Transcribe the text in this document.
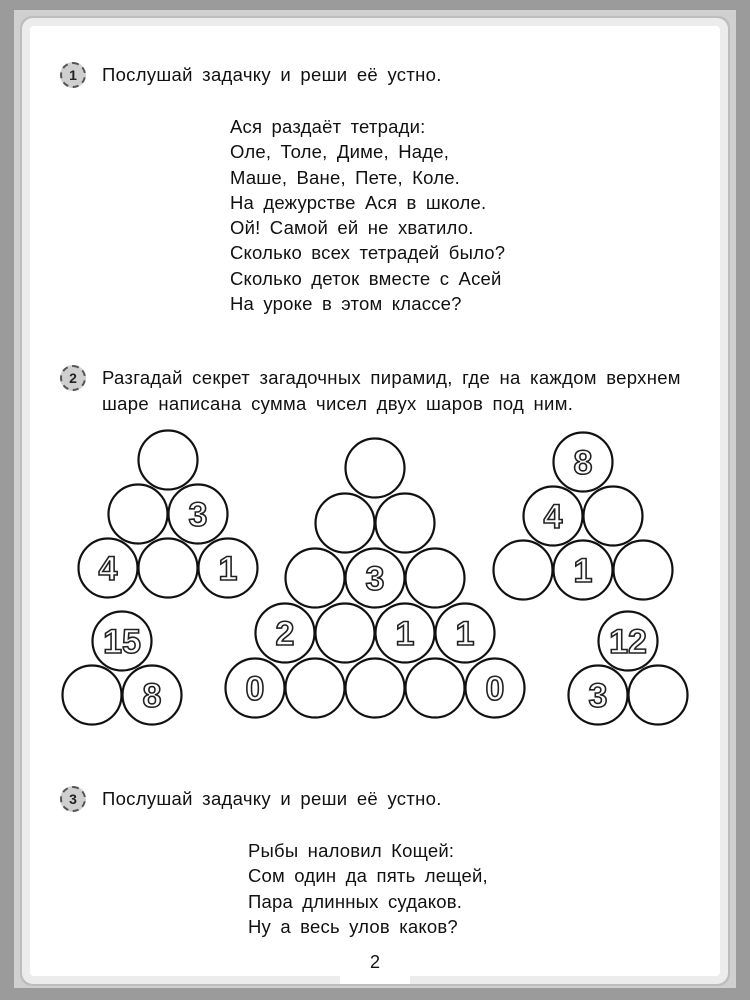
1	Послушай задачку и реши её устно.
Ася раздаёт тетради:
Оле, Толе, Диме, Наде,
Маше, Ване, Пете, Коле.
На дежурстве Ася в школе.
Ой! Самой ей не хватило.
Сколько всех тетрадей было?
Сколько деток вместе с Асей
На уроке в этом классе?
2	Разгадай секрет загадочных пирамид, где на каждом верхнем
шаре написана сумма чисел двух шаров под ним.
3
4	1	3
2	1 1
0	0
8
4
1
15
8
12
3
3	Послушай задачку и реши её устно.
Рыбы наловил Кощей:
Сом один да пять лещей,
Пара длинных судаков.
Ну а весь улов каков?
2
